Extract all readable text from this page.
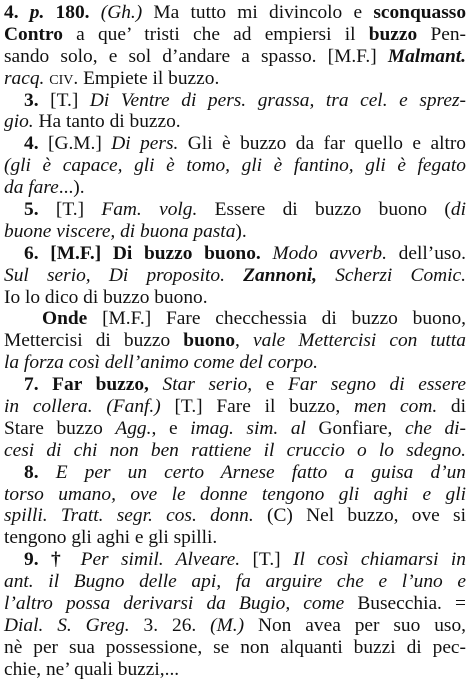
4. p. 180. (Gh.) Ma tutto mi divincolo e sconquasso
Contro a que’ tristi che ad empiersi il buzzo Pen-
sando solo, e sol d’andare a spasso. [M.F.] Malmant.
racq. civ. Empiete il buzzo.
3. [T.] Di Ventre di pers. grassa, tra cel. e sprez-
gio. Ha tanto di buzzo.
4. [G.M.] Di pers. Gli è buzzo da far quello e altro
(gli è capace, gli è tomo, gli è fantino, gli è fegato
da fare...).
5. [T.] Fam. volg. Essere di buzzo buono (di
buone viscere, di buona pasta).
6. [M.F.] Di buzzo buono. Modo avverb. dell’uso.
Sul serio, Di proposito. Zannoni, Scherzi Comic.
Io lo dico di buzzo buono.
Onde [M.F.] Fare checchessia di buzzo buono,
Mettercisi di buzzo buono, vale Mettercisi con tutta
la forza così dell’animo come del corpo.
7. Far buzzo, Star serio, e Far segno di essere
in collera. (Fanf.) [T.] Fare il buzzo, men com. di
Stare buzzo Agg., e imag. sim. al Gonfiare, che di-
cesi di chi non ben rattiene il cruccio o lo sdegno.
8. E per un certo Arnese fatto a guisa d’un
torso umano, ove le donne tengono gli aghi e gli
spilli. Tratt. segr. cos. donn. (C) Nel buzzo, ove si
tengono gli aghi e gli spilli.
9. † Per simil. Alveare. [T.] Il così chiamarsi in
ant. il Bugno delle api, fa arguire che e l’uno e
l’altro possa derivarsi da Bugio, come Busecchia. =
Dial. S. Greg. 3. 26. (M.) Non avea per suo uso,
nè per sua possessione, se non alquanti buzzi di pec-
chie, ne’ quali buzzi,...
